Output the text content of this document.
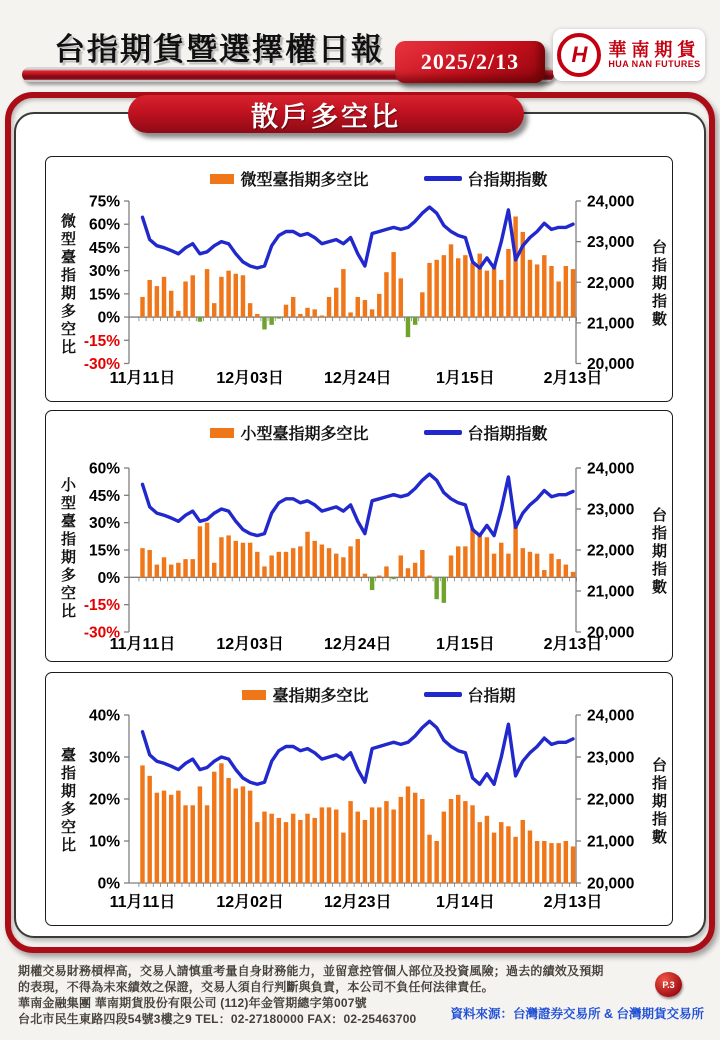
台指期貨暨選擇權日報 2025/2/13	H	華南期貨
HUA NAN FUTURES
散戶多空比
75%
60%
45%
30%
15%
0%
-15%
-30%
24,000
23,000
22,000
21,000
20,000
11月11日	12月03日	12月24日	1月15日	2月13日
微型臺指期多空比	台指期指數
微型臺指期多空比	台指期指數
60%
45%
30%
15%
0%
-15%
-30%
24,000
23,000
22,000
21,000
20,000
11月11日	12月03日	12月24日	1月15日	2月13日
小型臺指期多空比	台指期指數
小型臺指期多空比	台指期指數
40%
30%
20%
10%
0%
24,000
23,000
22,000
21,000
20,000
11月11日	12月02日	12月23日	1月14日	2月13日
臺指期多空比	台指期
臺指期多空比	台指期指數
期權交易財務槓桿高，交易人請慎重考量自身財務能力，並留意控管個人部位及投資風險；過去的績效及預期
的表現，不得為未來績效之保證，交易人須自行判斷與負責，本公司不負任何法律責任。
華南金融集團 華南期貨股份有限公司 (112)年金管期總字第007號
台北市民生東路四段54號3樓之9 TEL：02-27180000 FAX：02-25463700	資料來源：台灣證券交易所 & 台灣期貨交易所
P.3
